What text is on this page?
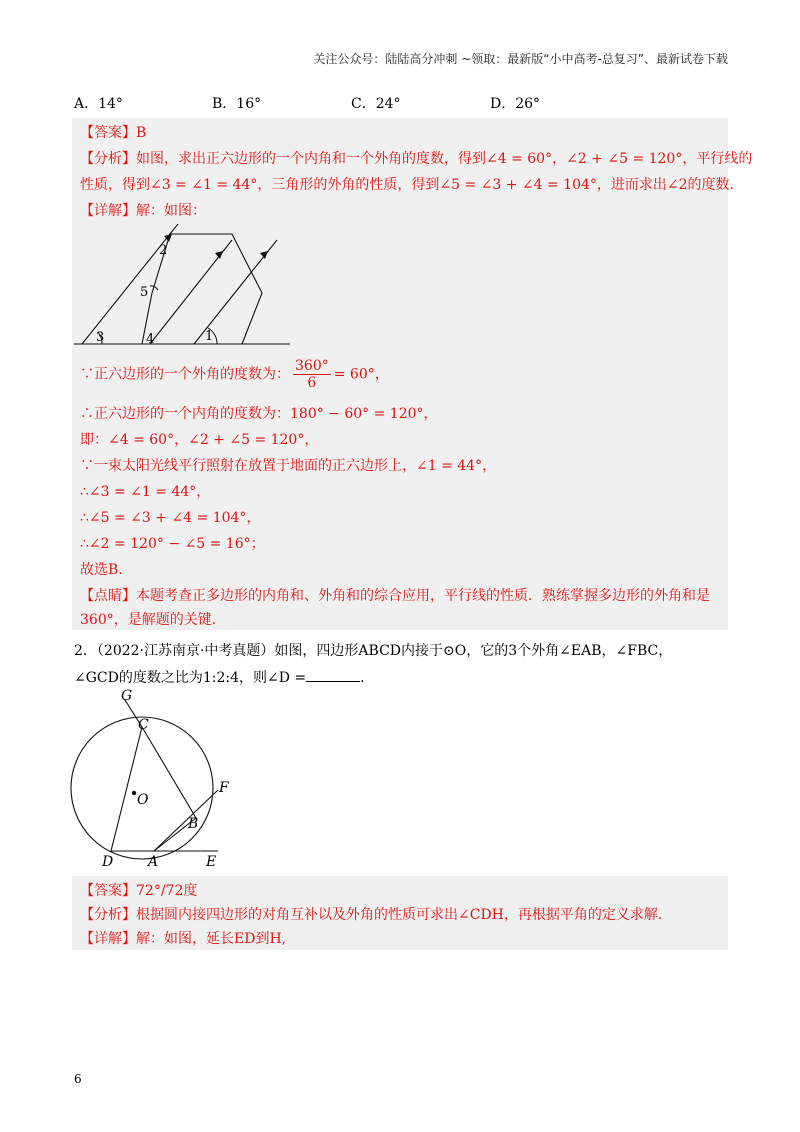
关注公众号：陆陆高分冲刺 ~领取：最新版“小中高考-总复习”、最新试卷下载
A．14°	B．16°	C．24°	D．26°
【答案】B
【分析】如图，求出正六边形的一个内角和一个外角的度数，得到∠4 = 60°，∠2 + ∠5 = 120°，平行线的
性质，得到∠3 = ∠1 = 44°，三角形的外角的性质，得到∠5 = ∠3 + ∠4 = 104°，进而求出∠2的度数.
【详解】解：如图：
2
5
3	4	1
∵正六边形的一个外角的度数为： $\frac{360^\circ}{6} = 60^\circ$，
∴正六边形的一个内角的度数为：180° − 60° = 120°，
即：∠4 = 60°，∠2 + ∠5 = 120°，
∵一束太阳光线平行照射在放置于地面的正六边形上，∠1 = 44°，
∴∠3 = ∠1 = 44°，
∴∠5 = ∠3 + ∠4 = 104°，
∴∠2 = 120° − ∠5 = 16°；
故选B.
【点睛】本题考查正多边形的内角和、外角和的综合应用，平行线的性质．熟练掌握多边形的外角和是
360°，是解题的关键.
2．（2022·江苏南京·中考真题）如图，四边形ABCD内接于⊙O，它的3个外角∠EAB，∠FBC，
∠GCD的度数之比为1:2:4，则∠D =	.
G
C
F
O
B
D A	E
【答案】72°/72度
【分析】根据圆内接四边形的对角互补以及外角的性质可求出∠CDH，再根据平角的定义求解.
【详解】解：如图，延长ED到H,
6
